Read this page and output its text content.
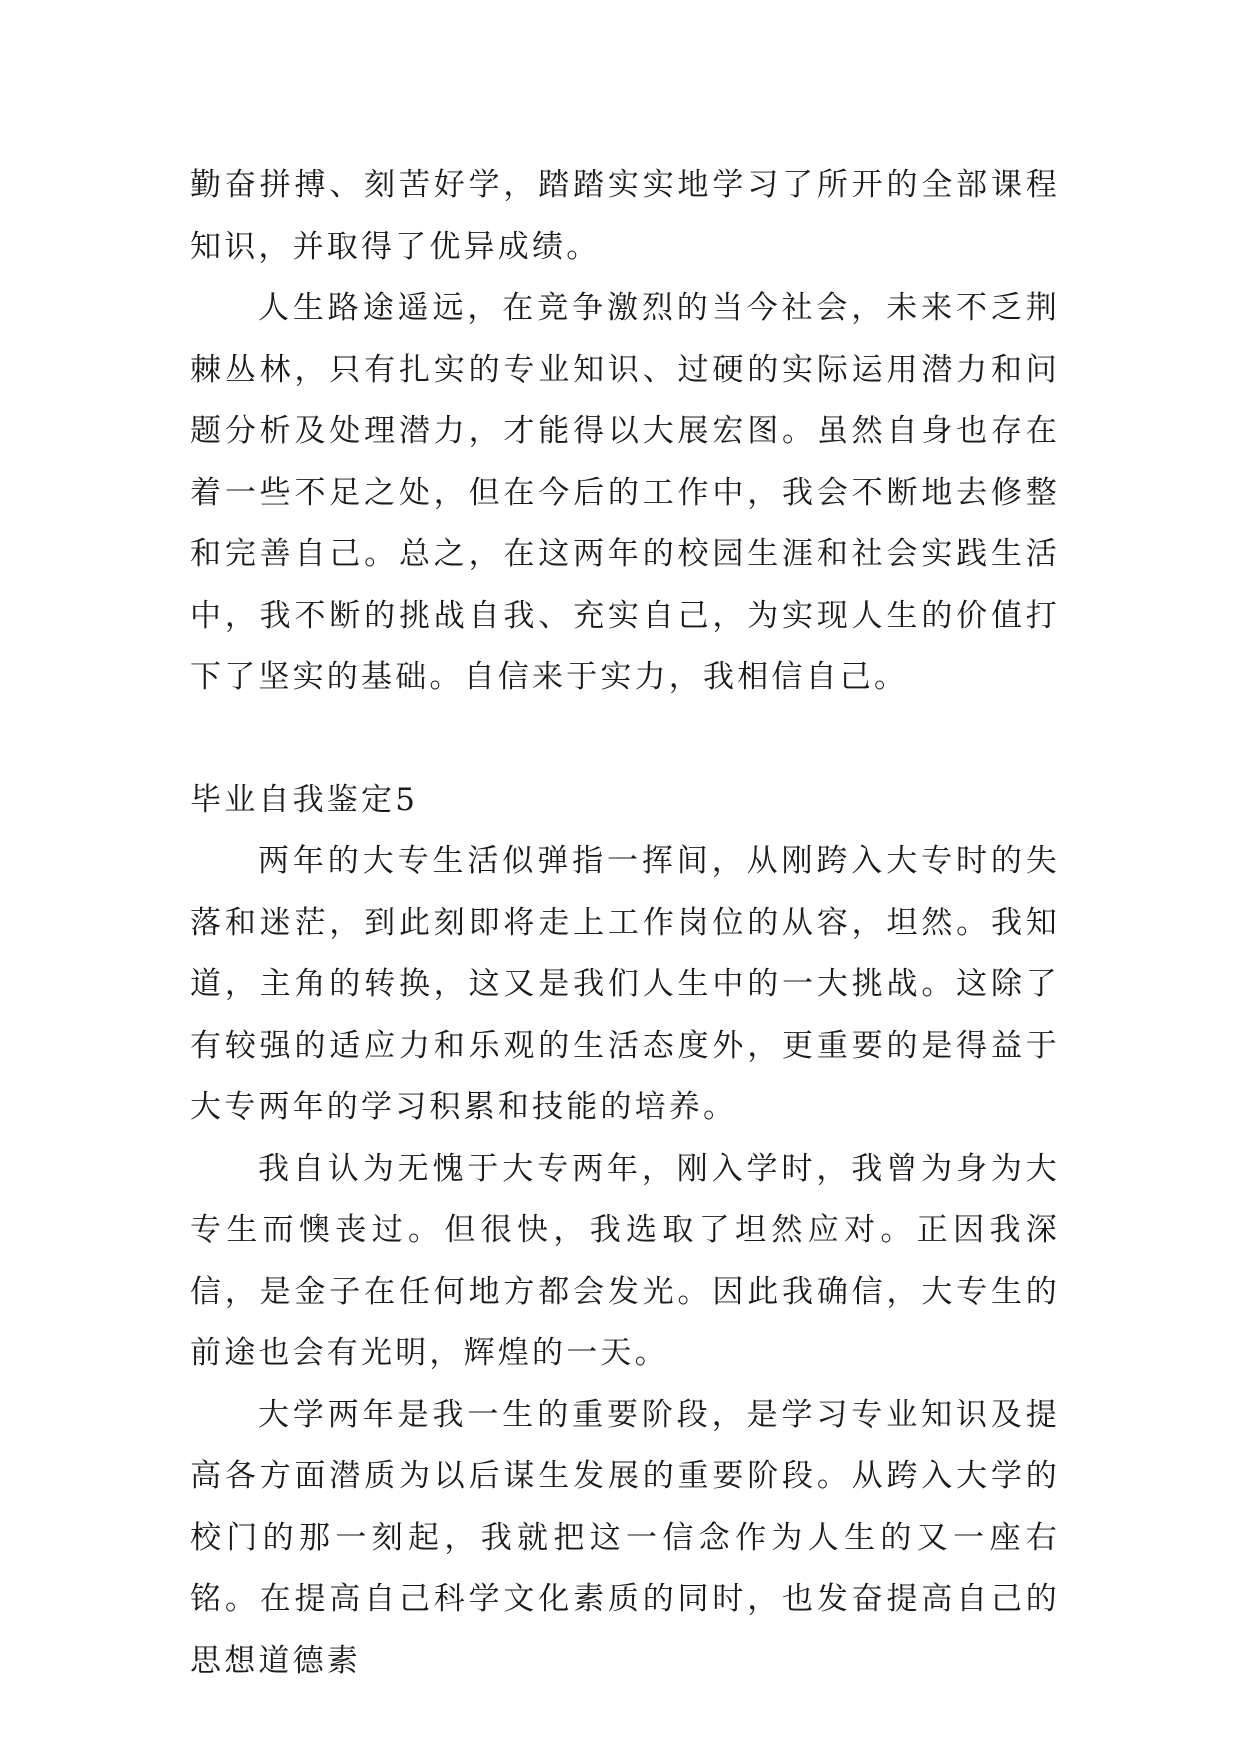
勤奋拼搏、刻苦好学，踏踏实实地学习了所开的全部课程知识，并取得了优异成绩。

人生路途遥远，在竞争激烈的当今社会，未来不乏荆棘丛林，只有扎实的专业知识、过硬的实际运用潜力和问题分析及处理潜力，才能得以大展宏图。虽然自身也存在着一些不足之处，但在今后的工作中，我会不断地去修整和完善自己。总之，在这两年的校园生涯和社会实践生活中，我不断的挑战自我、充实自己，为实现人生的价值打下了坚实的基础。自信来于实力，我相信自己。

毕业自我鉴定5

两年的大专生活似弹指一挥间，从刚跨入大专时的失落和迷茫，到此刻即将走上工作岗位的从容，坦然。我知道，主角的转换，这又是我们人生中的一大挑战。这除了有较强的适应力和乐观的生活态度外，更重要的是得益于大专两年的学习积累和技能的培养。

我自认为无愧于大专两年，刚入学时，我曾为身为大专生而懊丧过。但很快，我选取了坦然应对。正因我深信，是金子在任何地方都会发光。因此我确信，大专生的前途也会有光明，辉煌的一天。

大学两年是我一生的重要阶段，是学习专业知识及提高各方面潜质为以后谋生发展的重要阶段。从跨入大学的校门的那一刻起，我就把这一信念作为人生的又一座右铭。在提高自己科学文化素质的同时，也发奋提高自己的思想道德素
